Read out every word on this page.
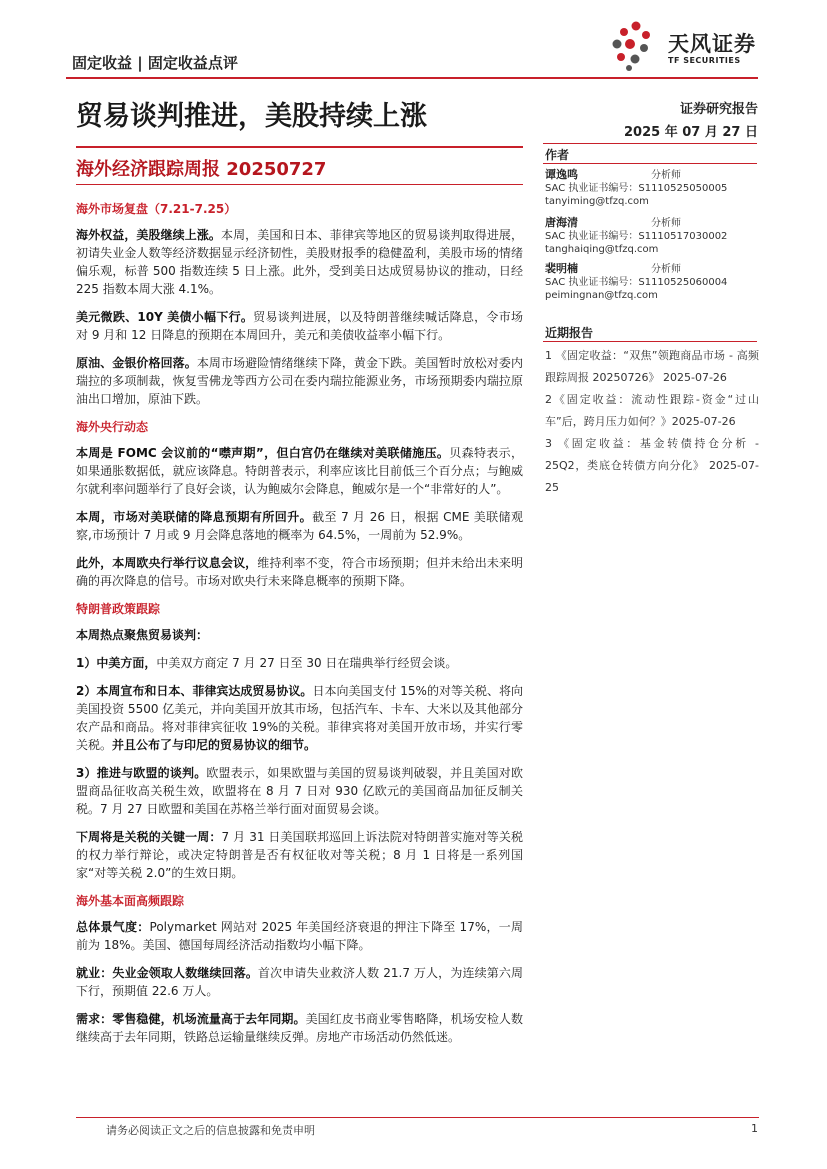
固定收益 | 固定收益点评
天风证券
TF SECURITIES
贸易谈判推进，美股持续上涨	证券研究报告
2025 年 07 月 27 日
海外经济跟踪周报 20250727
作者
谭逸鸣	分析师
SAC 执业证书编号：S1110525050005
tanyiming@tfzq.com
唐海清	分析师
SAC 执业证书编号：S1110517030002
tanghaiqing@tfzq.com
裴明楠	分析师
SAC 执业证书编号：S1110525060004
peimingnan@tfzq.com
近期报告

1 《固定收益：“双焦”领跑商品市场 - 高频跟踪周报 20250726》 2025-07-26

2《固定收益：流动性跟踪-资金“过山车”后，跨月压力如何？》2025-07-26

3 《固定收益：基金转债持仓分析 - 25Q2，类底仓转债方向分化》 2025-07-25

海外市场复盘（7.21-7.25）

海外权益，美股继续上涨。本周，美国和日本、菲律宾等地区的贸易谈判取得进展，初请失业金人数等经济数据显示经济韧性，美股财报季的稳健盈利，美股市场的情绪偏乐观，标普 500 指数连续 5 日上涨。此外，受到美日达成贸易协议的推动，日经 225 指数本周大涨 4.1%。

美元微跌、10Y 美债小幅下行。贸易谈判进展，以及特朗普继续喊话降息，令市场对 9 月和 12 日降息的预期在本周回升，美元和美债收益率小幅下行。

原油、金银价格回落。本周市场避险情绪继续下降，黄金下跌。美国暂时放松对委内瑞拉的多项制裁，恢复雪佛龙等西方公司在委内瑞拉能源业务，市场预期委内瑞拉原油出口增加，原油下跌。

海外央行动态

本周是 FOMC 会议前的“噤声期”，但白宫仍在继续对美联储施压。贝森特表示，如果通胀数据低，就应该降息。特朗普表示，利率应该比目前低三个百分点；与鲍威尔就利率问题举行了良好会谈，认为鲍威尔会降息，鲍威尔是一个“非常好的人”。

本周，市场对美联储的降息预期有所回升。截至 7 月 26 日，根据 CME 美联储观察,市场预计 7 月或 9 月会降息落地的概率为 64.5%，一周前为 52.9%。

此外，本周欧央行举行议息会议，维持利率不变，符合市场预期；但并未给出未来明确的再次降息的信号。市场对欧央行未来降息概率的预期下降。

特朗普政策跟踪

本周热点聚焦贸易谈判：

1）中美方面，中美双方商定 7 月 27 日至 30 日在瑞典举行经贸会谈。

2）本周宣布和日本、菲律宾达成贸易协议。日本向美国支付 15%的对等关税、将向美国投资 5500 亿美元，并向美国开放其市场，包括汽车、卡车、大米以及其他部分农产品和商品。将对菲律宾征收 19%的关税。菲律宾将对美国开放市场，并实行零关税。并且公布了与印尼的贸易协议的细节。

3）推进与欧盟的谈判。欧盟表示，如果欧盟与美国的贸易谈判破裂，并且美国对欧盟商品征收高关税生效，欧盟将在 8 月 7 日对 930 亿欧元的美国商品加征反制关税。7 月 27 日欧盟和美国在苏格兰举行面对面贸易会谈。

下周将是关税的关键一周：7 月 31 日美国联邦巡回上诉法院对特朗普实施对等关税的权力举行辩论，或决定特朗普是否有权征收对等关税；8 月 1 日将是一系列国家“对等关税 2.0”的生效日期。

海外基本面高频跟踪

总体景气度：Polymarket 网站对 2025 年美国经济衰退的押注下降至 17%，一周前为 18%。美国、德国每周经济活动指数均小幅下降。

就业：失业金领取人数继续回落。首次申请失业救济人数 21.7 万人，为连续第六周下行，预期值 22.6 万人。

需求：零售稳健，机场流量高于去年同期。美国红皮书商业零售略降，机场安检人数继续高于去年同期，铁路总运输量继续反弹。房地产市场活动仍然低迷。

请务必阅读正文之后的信息披露和免责申明	1
